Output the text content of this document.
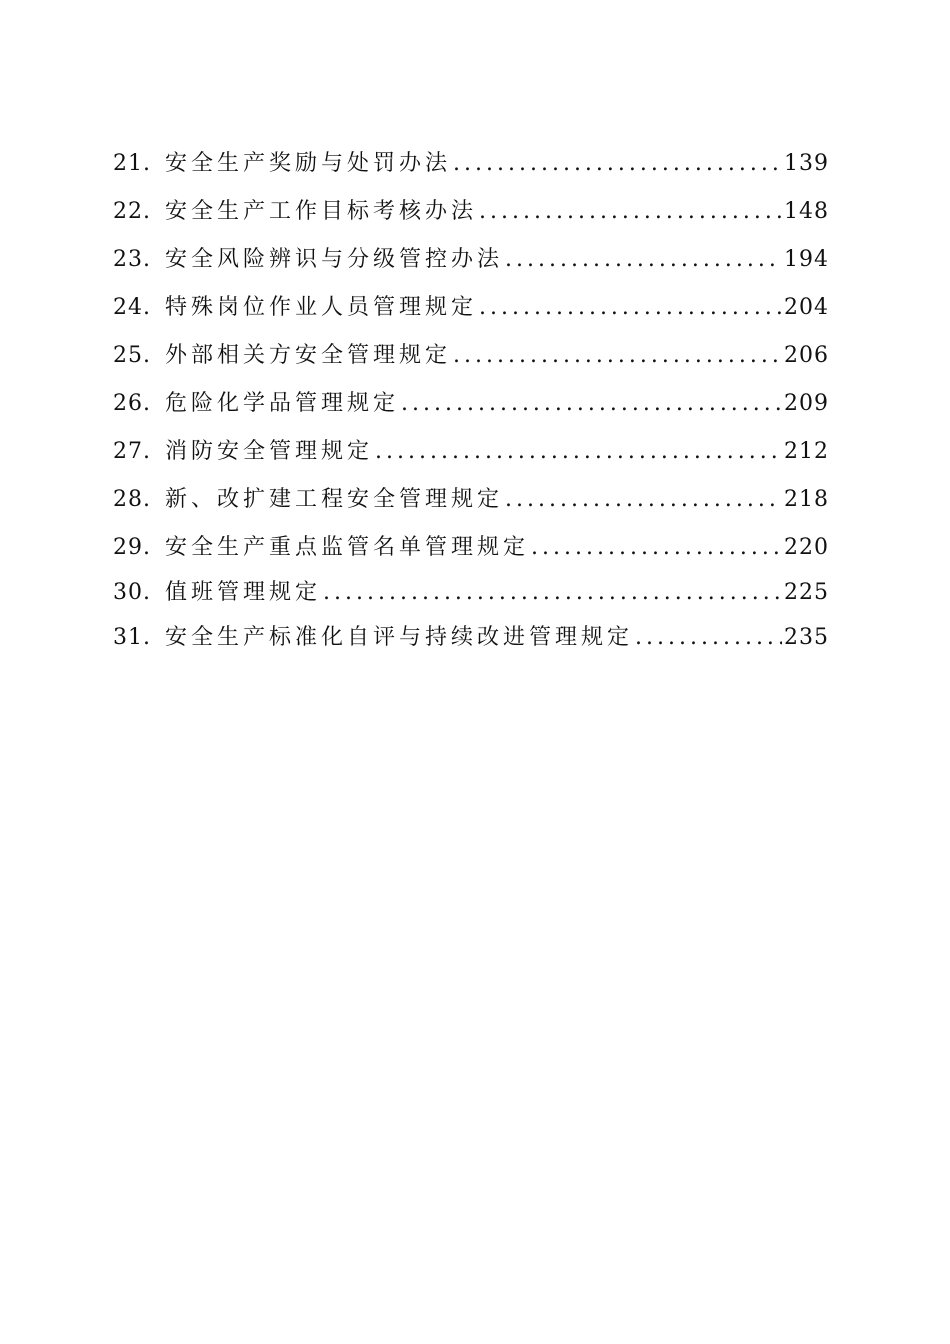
21. 安全生产奖励与处罚办法 .....	139
22. 安全生产工作目标考核办法 .....	148
23. 安全风险辨识与分级管控办法 .....	194
24. 特殊岗位作业人员管理规定 .....	204
25. 外部相关方安全管理规定 .....	206
26. 危险化学品管理规定 .....	209
27. 消防安全管理规定 .....	212
28. 新、改扩建工程安全管理规定 .....	218
29. 安全生产重点监管名单管理规定 .....	220
30. 值班管理规定 .....	225
31. 安全生产标准化自评与持续改进管理规定 .....	235
